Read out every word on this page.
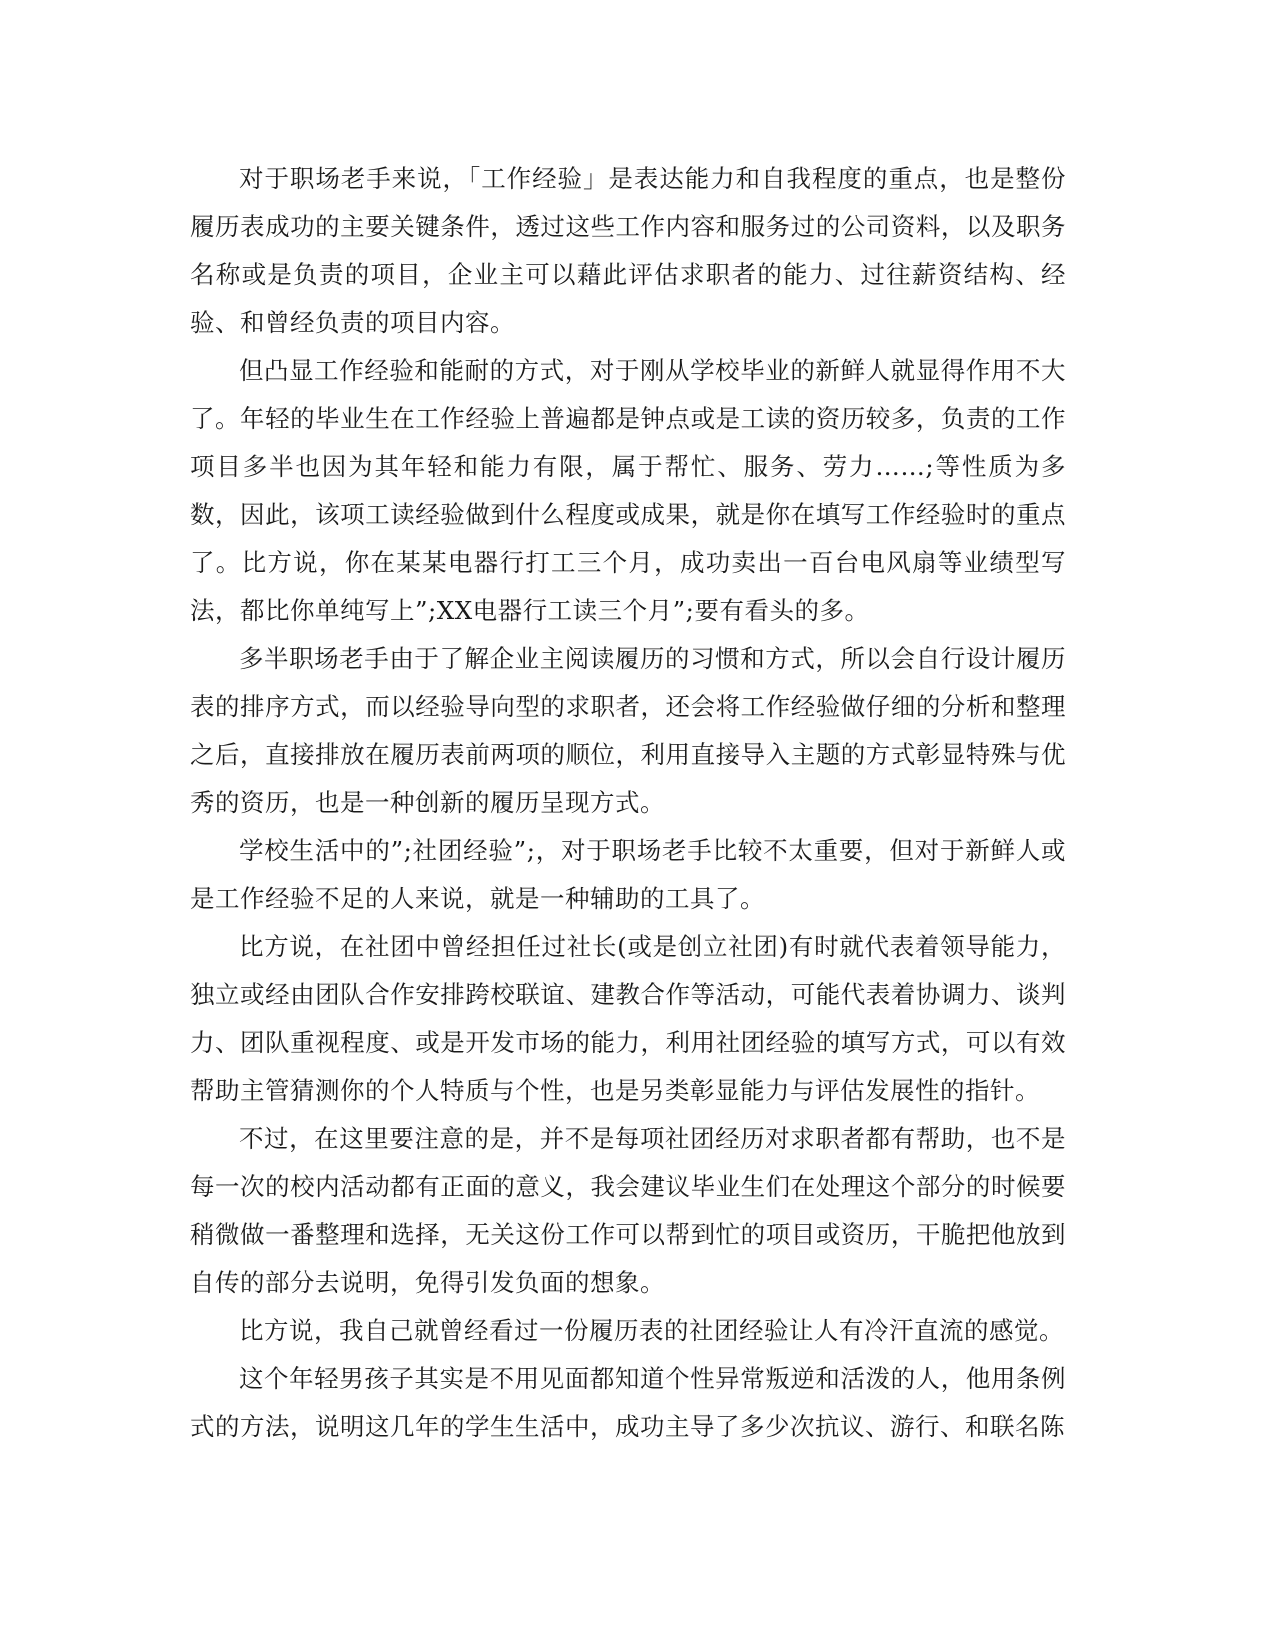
对于职场老手来说，「工作经验」是表达能力和自我程度的重点，也是整份履历表成功的主要关键条件，透过这些工作内容和服务过的公司资料，以及职务名称或是负责的项目，企业主可以藉此评估求职者的能力、过往薪资结构、经验、和曾经负责的项目内容。

但凸显工作经验和能耐的方式，对于刚从学校毕业的新鲜人就显得作用不大了。年轻的毕业生在工作经验上普遍都是钟点或是工读的资历较多，负责的工作项目多半也因为其年轻和能力有限，属于帮忙、服务、劳力……;等性质为多数，因此，该项工读经验做到什么程度或成果，就是你在填写工作经验时的重点了。比方说，你在某某电器行打工三个月，成功卖出一百台电风扇等业绩型写法，都比你单纯写上”;XX电器行工读三个月”;要有看头的多。

多半职场老手由于了解企业主阅读履历的习惯和方式，所以会自行设计履历表的排序方式，而以经验导向型的求职者，还会将工作经验做仔细的分析和整理之后，直接排放在履历表前两项的顺位，利用直接导入主题的方式彰显特殊与优秀的资历，也是一种创新的履历呈现方式。

学校生活中的”;社团经验”;，对于职场老手比较不太重要，但对于新鲜人或是工作经验不足的人来说，就是一种辅助的工具了。

比方说，在社团中曾经担任过社长(或是创立社团)有时就代表着领导能力，独立或经由团队合作安排跨校联谊、建教合作等活动，可能代表着协调力、谈判力、团队重视程度、或是开发市场的能力，利用社团经验的填写方式，可以有效帮助主管猜测你的个人特质与个性，也是另类彰显能力与评估发展性的指针。

不过，在这里要注意的是，并不是每项社团经历对求职者都有帮助，也不是每一次的校内活动都有正面的意义，我会建议毕业生们在处理这个部分的时候要稍微做一番整理和选择，无关这份工作可以帮到忙的项目或资历，干脆把他放到自传的部分去说明，免得引发负面的想象。

比方说，我自己就曾经看过一份履历表的社团经验让人有冷汗直流的感觉。

这个年轻男孩子其实是不用见面都知道个性异常叛逆和活泼的人，他用条例式的方法，说明这几年的学生生活中，成功主导了多少次抗议、游行、和联名陈
